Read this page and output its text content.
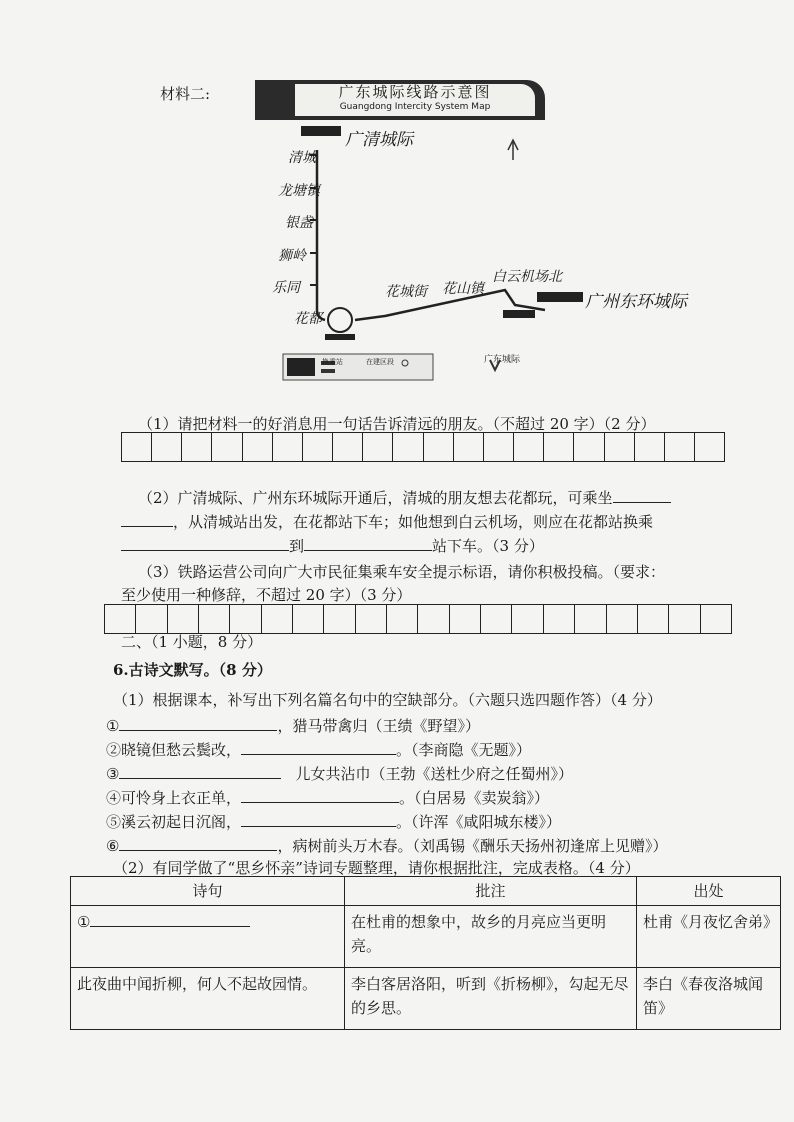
材料二:	广东城际线路示意图
Guangdong Intercity System Map
广清城际
广州东环城际
清城
龙塘镇
银盏
狮岭
乐同
花都
花城街 花山镇
白云机场北
广东城际
换乘站	在建区段
（1）请把材料一的好消息用一句话告诉清远的朋友。（不超过 20 字）（2 分）
（2）广清城际、广州东环城际开通后，清城的朋友想去花都玩，可乘坐
，从清城站出发，在花都站下车；如他想到白云机场，则应在花都站换乘
到	站下车。（3 分）
（3）铁路运营公司向广大市民征集乘车安全提示标语，请你积极投稿。（要求：
至少使用一种修辞，不超过 20 字）（3 分）
二、（1 小题，8 分）
6.古诗文默写。（8 分）
（1）根据课本，补写出下列名篇名句中的空缺部分。（六题只选四题作答）（4 分）
①	，猎马带禽归（王绩《野望》）
②晓镜但愁云鬓改，	。（李商隐《无题》）
③	儿女共沾巾（王勃《送杜少府之任蜀州》）
④可怜身上衣正单，	。（白居易《卖炭翁》）
⑤溪云初起日沉阁，	。（许浑《咸阳城东楼》）
⑥	，病树前头万木春。（刘禹锡《酬乐天扬州初逢席上见赠》）
（2）有同学做了“思乡怀亲”诗词专题整理，请你根据批注，完成表格。（4 分）
诗句	批注	出处
①	在杜甫的想象中，故乡的月亮应当更明亮。	杜甫《月夜忆舍弟》
此夜曲中闻折柳，何人不起故园情。	李白客居洛阳，听到《折杨柳》，勾起无尽的乡思。	李白《春夜洛城闻笛》
